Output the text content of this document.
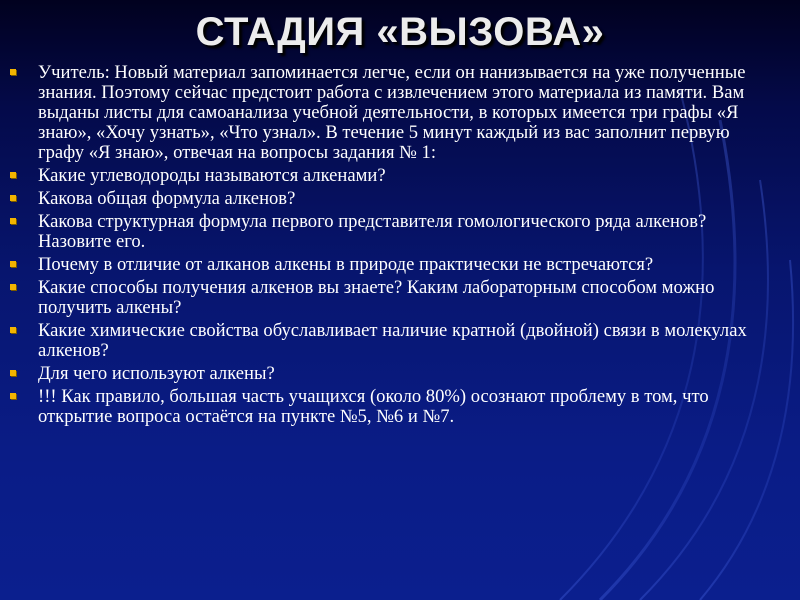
СТАДИЯ «ВЫЗОВА»
Учитель: Новый материал запоминается легче, если он нанизывается на уже полученные знания. Поэтому сейчас предстоит работа с извлечением этого материала из памяти. Вам выданы листы для самоанализа учебной деятельности, в которых имеется три графы «Я знаю», «Хочу узнать», «Что узнал». В течение 5 минут каждый из вас заполнит первую графу «Я знаю», отвечая на вопросы задания № 1:
Какие углеводороды называются алкенами?
Какова общая формула алкенов?
Какова структурная формула первого представителя гомологического ряда алкенов? Назовите его.
Почему в отличие от алканов алкены в природе практически не встречаются?
Какие способы получения алкенов вы знаете? Каким лабораторным способом можно получить алкены?
Какие химические свойства обуславливает наличие кратной (двойной) связи в молекулах алкенов?
Для чего используют алкены?
!!! Как правило, большая часть учащихся (около 80%) осознают проблему в том, что открытие вопроса остаётся на пункте №5, №6 и №7.
